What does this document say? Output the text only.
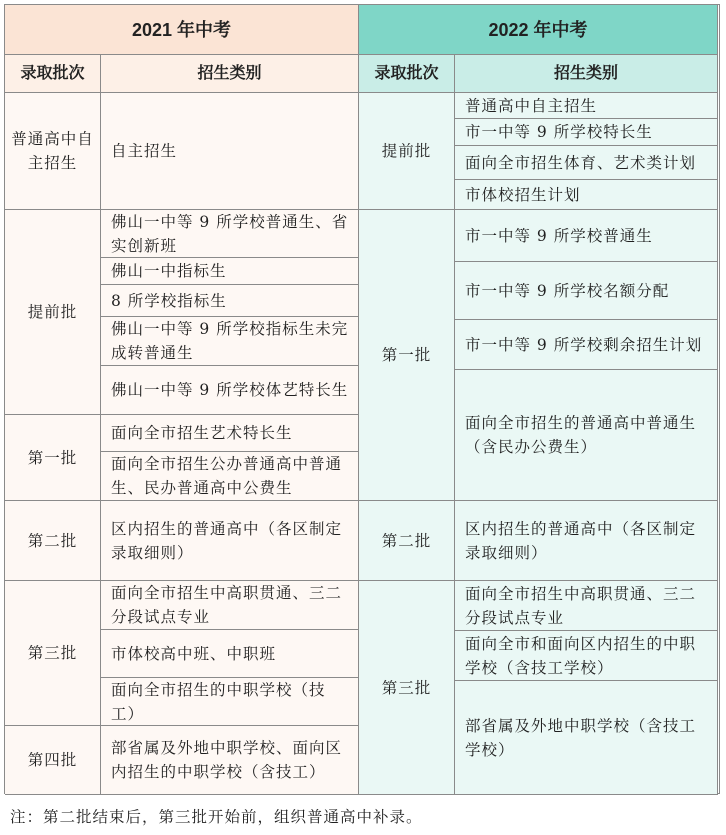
2021 年中考
录取批次	招生类别
普通高中自主招生
提前批
第一批
第二批
第三批
第四批
自主招生
佛山一中等 9 所学校普通生、省实创新班
佛山一中指标生
8 所学校指标生
佛山一中等 9 所学校指标生未完成转普通生
佛山一中等 9 所学校体艺特长生
面向全市招生艺术特长生
面向全市招生公办普通高中普通生、民办普通高中公费生
区内招生的普通高中（各区制定录取细则）
面向全市招生中高职贯通、三二分段试点专业
市体校高中班、中职班
面向全市招生的中职学校（技工）
部省属及外地中职学校、面向区内招生的中职学校（含技工）
2022 年中考
录取批次	招生类别
提前批
第一批
第二批
第三批
普通高中自主招生
市一中等 9 所学校特长生
面向全市招生体育、艺术类计划
市体校招生计划
市一中等 9 所学校普通生
市一中等 9 所学校名额分配
市一中等 9 所学校剩余招生计划
面向全市招生的普通高中普通生（含民办公费生）
区内招生的普通高中（各区制定录取细则）
面向全市招生中高职贯通、三二分段试点专业
面向全市和面向区内招生的中职学校（含技工学校）
部省属及外地中职学校（含技工学校）
注：第二批结束后，第三批开始前，组织普通高中补录。
